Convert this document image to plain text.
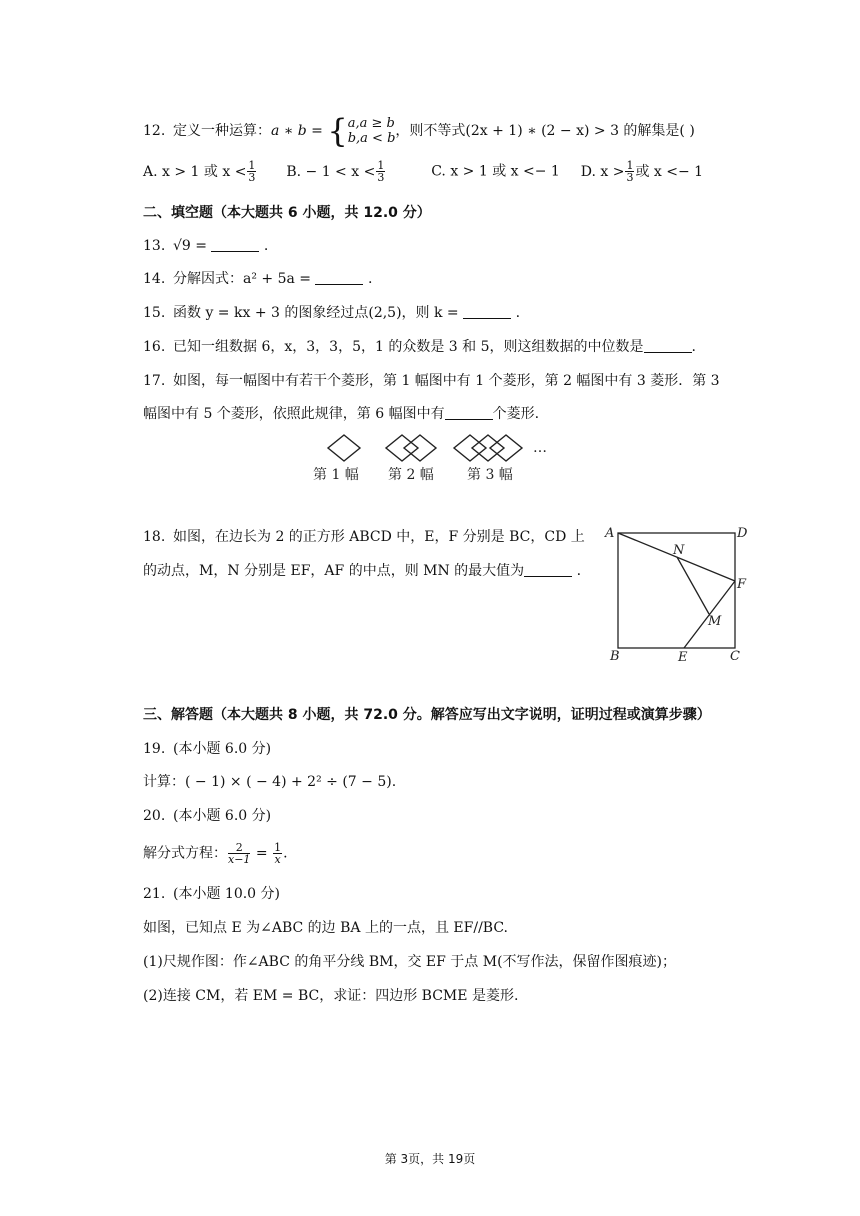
12. 定义一种运算：a ∗ b = { a,a ≥ b
b,a < b ，则不等式(2x + 1) ∗ (2 − x) > 3 的解集是( )
A. x > 1 或 $x < \frac{1}{3} B$. − $1 < x < \frac{1}{3}$	C. x > 1 或 x <− 1 D. $x > \frac{1}{3}$ 或 x <− 1
二、填空题（本大题共 6 小题，共 12.0 分）
13. √9 =	.
14. 分解因式：a² + 5a =	.
15. 函数 y = kx + 3 的图象经过点(2,5)，则 k =	.
16. 已知一组数据 6，x，3，3，5，1 的众数是 3 和 5，则这组数据的中位数是	.
17. 如图，每一幅图中有若干个菱形，第 1 幅图中有 1 个菱形，第 2 幅图中有 3 菱形．第 3
幅图中有 5 个菱形，依照此规律，第 6 幅图中有	个菱形.
…
第 1 幅 第 2 幅 第 3 幅
18. 如图，在边长为 2 的正方形 ABCD 中，E，F 分别是 BC，CD 上
的动点，M，N 分别是 EF，AF 的中点，则 MN 的最大值为	.
A	D
N
F
M
B	E	C
三、解答题（本大题共 8 小题，共 72.0 分。解答应写出文字说明，证明过程或演算步骤）
19. (本小题 6.0 分)
计算：( − 1) × ( − 4) + 2² ÷ (7 − 5).
20. (本小题 6.0 分)
解分式方程： $\frac{2}{x-1} = \frac{1}{x}$.
21. (本小题 10.0 分)
如图，已知点 E 为∠ABC 的边 BA 上的一点，且 EF//BC.
(1)尺规作图：作∠ABC 的角平分线 BM，交 EF 于点 M(不写作法，保留作图痕迹)；
(2)连接 CM，若 EM = BC，求证：四边形 BCME 是菱形.
第 3页，共 19页
